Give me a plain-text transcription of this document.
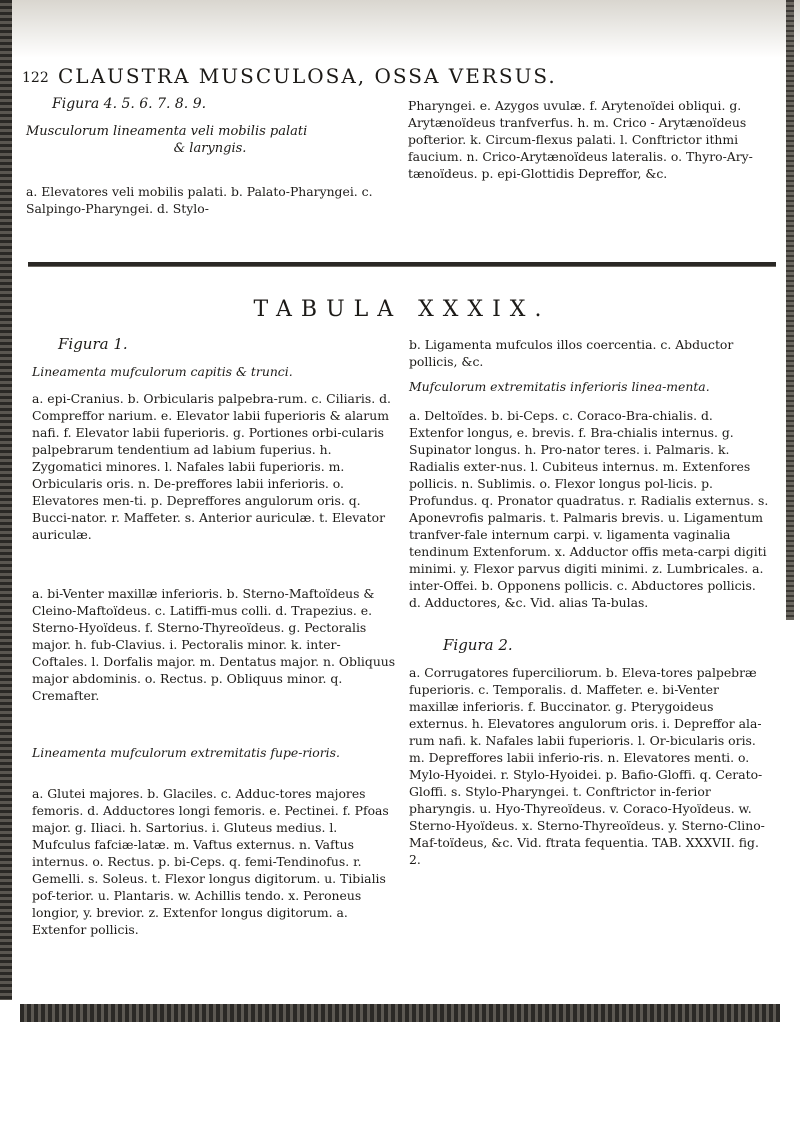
122 CLAUSTRA MUSCULOSA, OSSA VERSUS.

Figura 4. 5. 6. 7. 8. 9.

Musculorum lineamenta veli mobilis palati

& laryngis.

a. Elevatores veli mobilis palati. b. Palato-Pharyngei. c. Salpingo-Pharyngei. d. Stylo-

Pharyngei. e. Azygos uvulæ. f. Arytenoïdei obliqui. g. Arytænoïdeus tranfverfus. h. m. Crico - Arytænoïdeus pofterior. k. Circum-flexus palati. l. Conftrictor ithmi faucium. n. Crico-Arytænoïdeus lateralis. o. Thyro-Ary-tænoïdeus. p. epi-Glottidis Depreffor, &c.

TABULA XXXIX.

Figura 1.

Lineamenta mufculorum capitis & trunci.

a. epi-Cranius. b. Orbicularis palpebra-rum. c. Ciliaris. d. Compreffor narium. e. Elevator labii fuperioris & alarum nafi. f. Elevator labii fuperioris. g. Portiones orbi-cularis palpebrarum tendentium ad labium fuperius. h. Zygomatici minores. l. Nafales labii fuperioris. m. Orbicularis oris. n. De-preffores labii inferioris. o. Elevatores men-ti. p. Depreffores angulorum oris. q. Bucci-nator. r. Maffeter. s. Anterior auriculæ. t. Elevator auriculæ.

a. bi-Venter maxillæ inferioris. b. Sterno-Maftoïdeus & Cleino-Maftoïdeus. c. Latiffi-mus colli. d. Trapezius. e. Sterno-Hyoïdeus. f. Sterno-Thyreoïdeus. g. Pectoralis major. h. fub-Clavius. i. Pectoralis minor. k. inter-Coftales. l. Dorfalis major. m. Dentatus major. n. Obliquus major abdominis. o. Rectus. p. Obliquus minor. q. Cremafter.

Lineamenta mufculorum extremitatis fupe-rioris.

a. Glutei majores. b. Glaciles. c. Adduc-tores majores femoris. d. Adductores longi femoris. e. Pectinei. f. Pfoas major. g. Iliaci. h. Sartorius. i. Gluteus medius. l. Mufculus fafciæ-latæ. m. Vaftus externus. n. Vaftus internus. o. Rectus. p. bi-Ceps. q. femi-Tendinofus. r. Gemelli. s. Soleus. t. Flexor longus digitorum. u. Tibialis pof-terior. u. Plantaris. w. Achillis tendo. x. Peroneus longior, y. brevior. z. Extenfor longus digitorum. a. Extenfor pollicis.

b. Ligamenta mufculos illos coercentia. c. Abductor pollicis, &c.

Mufculorum extremitatis inferioris linea-menta.

a. Deltoïdes. b. bi-Ceps. c. Coraco-Bra-chialis. d. Extenfor longus, e. brevis. f. Bra-chialis internus. g. Supinator longus. h. Pro-nator teres. i. Palmaris. k. Radialis exter-nus. l. Cubiteus internus. m. Extenfores pollicis. n. Sublimis. o. Flexor longus pol-licis. p. Profundus. q. Pronator quadratus. r. Radialis externus. s. Aponevrofis palmaris. t. Palmaris brevis. u. Ligamentum tranfver-fale internum carpi. v. ligamenta vaginalia tendinum Extenforum. x. Adductor offis meta-carpi digiti minimi. y. Flexor parvus digiti minimi. z. Lumbricales. a. inter-Offei. b. Opponens pollicis. c. Abductores pollicis. d. Adductores, &c. Vid. alias Ta-bulas.

Figura 2.

a. Corrugatores fuperciliorum. b. Eleva-tores palpebræ fuperioris. c. Temporalis. d. Maffeter. e. bi-Venter maxillæ inferioris. f. Buccinator. g. Pterygoideus externus. h. Elevatores angulorum oris. i. Depreffor ala-rum nafi. k. Nafales labii fuperioris. l. Or-bicularis oris. m. Depreffores labii inferio-ris. n. Elevatores menti. o. Mylo-Hyoidei. r. Stylo-Hyoidei. p. Bafio-Gloffi. q. Cerato-Gloffi. s. Stylo-Pharyngei. t. Conftrictor in-ferior pharyngis. u. Hyo-Thyreoïdeus. v. Coraco-Hyoïdeus. w. Sterno-Hyoïdeus. x. Sterno-Thyreoïdeus. y. Sterno-Clino-Maf-toïdeus, &c. Vid. ftrata fequentia. TAB. XXXVII. fig. 2.
